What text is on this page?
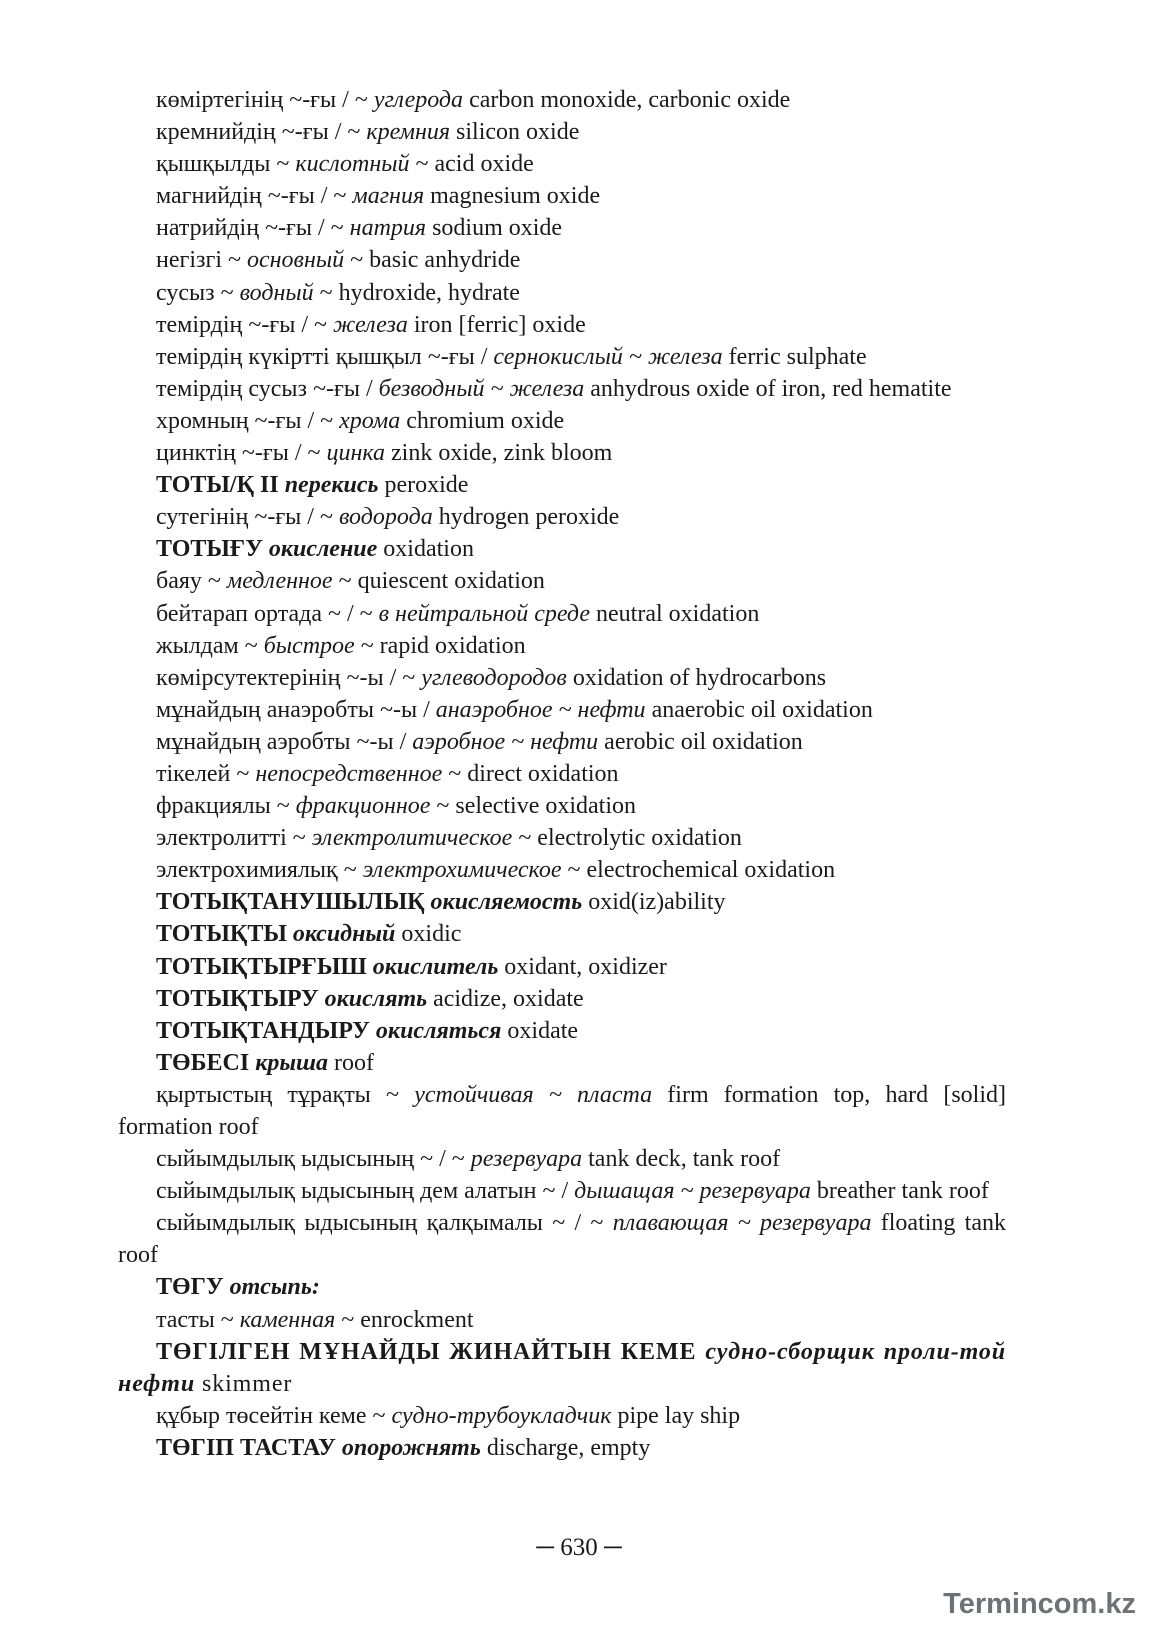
көміртегінің ~-ғы / ~ углерода carbon monoxide, carbonic oxide
кремнийдің ~-ғы / ~ кремния silicon oxide
қышқылды ~ кислотный ~ acid oxide
магнийдің ~-ғы / ~ магния magnesium oxide
натрийдің ~-ғы / ~ натрия sodium oxide
негізгі ~ основный ~ basic anhydride
сусыз ~ водный ~ hydroxide, hydrate
темірдің ~-ғы / ~ железа iron [ferric] oxide
темірдің күкіртті қышқыл ~-ғы / сернокислый ~ железа ferric sulphate
темірдің сусыз ~-ғы / безводный ~ железа anhydrous oxide of iron, red hematite
хромның ~-ғы / ~ хрома chromium oxide
цинктің ~-ғы / ~ цинка zink oxide, zink bloom
ТОТЫ/Қ II перекись peroxide
сутегінің ~-ғы / ~ водорода hydrogen peroxide
ТОТЫҒУ окисление oxidation
баяу ~ медленное ~ quiescent oxidation
бейтарап ортада ~ / ~ в нейтральной среде neutral oxidation
жылдам ~ быстрое ~ rapid oxidation
көмірсутектерінің ~-ы / ~ углеводородов oxidation of hydrocarbons
мұнайдың анаэробты ~-ы / анаэробное ~ нефти anaerobic oil oxidation
мұнайдың аэробты ~-ы / аэробное ~ нефти aerobic oil oxidation
тікелей ~ непосредственное ~ direct oxidation
фракциялы ~ фракционное ~ selective oxidation
электролитті ~ электролитическое ~ electrolytic oxidation
электрохимиялық ~ электрохимическое ~ electrochemical oxidation
ТОТЫҚТАНУШЫЛЫҚ окисляемость oxid(iz)ability
ТОТЫҚТЫ оксидный oxidic
ТОТЫҚТЫРҒЫШ окислитель oxidant, oxidizer
ТОТЫҚТЫРУ окислять acidize, oxidate
ТОТЫҚТАНДЫРУ окисляться oxidate
ТӨБЕСІ крыша roof
қыртыстың тұрақты ~ устойчивая ~ пласта firm formation top, hard [solid] formation roof
сыйымдылық ыдысының ~ / ~ резервуара tank deck, tank roof
сыйымдылық ыдысының дем алатын ~ / дышащая ~ резервуара breather tank roof
сыйымдылық ыдысының қалқымалы ~ / ~ плавающая ~ резервуара floating tank roof
ТӨГУ отсыпь:
тасты ~ каменная ~ enrockment
ТӨГІЛГЕН МҰНАЙДЫ ЖИНАЙТЫН КЕМЕ судно-сборщик проли-той нефти skimmer
құбыр төсейтін кеме ~ судно-трубоукладчик pipe lay ship
ТӨГІП ТАСТАУ опорожнять discharge, empty
─ 630 ─
Termincom.kz
